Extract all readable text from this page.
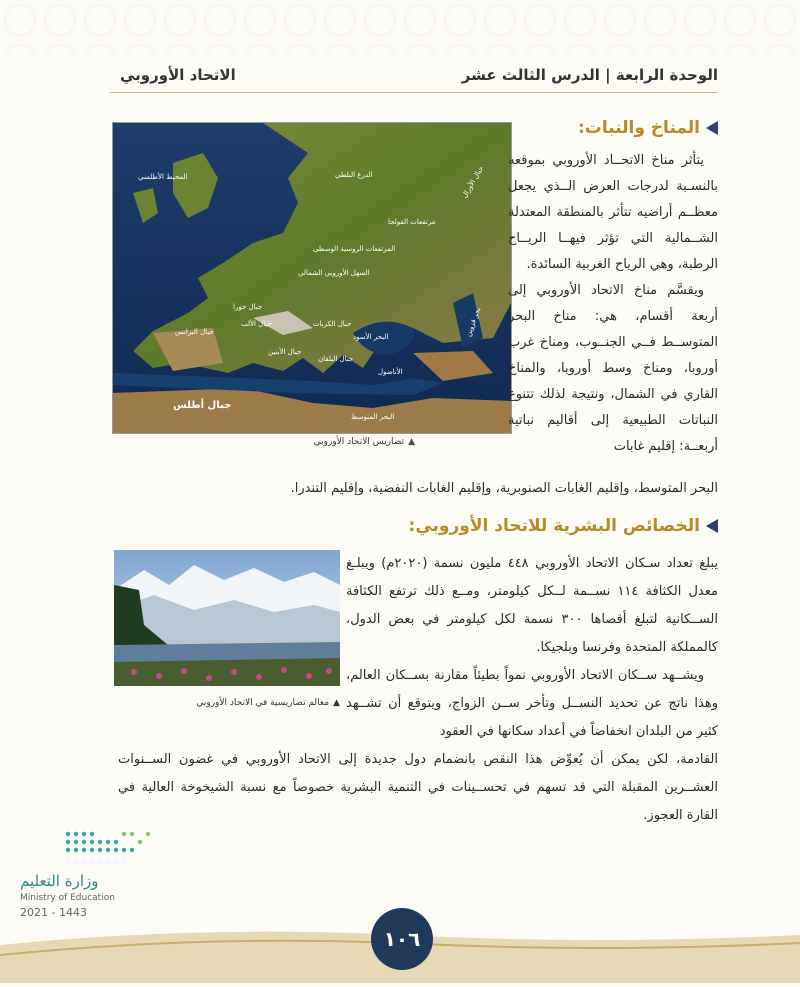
الوحدة الرابعة | الدرس الثالث عشر
الاتحاد الأوروبي
المناخ والنبات:
المحيط الأطلسي	الدرع البلطي	جبال الأورال
مرتفعات الفولجا
المرتفعات الروسية الوسطى
السهل الأوروبي الشمالي
جبال جورا
جبال الألب	جبال الكربات
جبال البرانس
جبال الأبنين
جبال البلقان
البحر الأسود	بحر قزوين
الأناضول
البحر المتوسط
جبال أطلس
▲تضاريس الاتحاد الأوروبي

يتأثر مناخ الاتحــاد الأوروبي بموقعه بالنسـبة لدرجات العرض الــذي يجعل معظــم أراضيه تتأثر بالمنطقة المعتدلة الشــمالية التي تؤثر فيهــا الريــاح الرطبة، وهي الرياح الغربية السائدة.

ويقسَّم مناخ الاتحاد الأوروبي إلى أربعة أقسام، هي: مناخ البحر المتوســط فــي الجنــوب، ومناخ غرب أوروبا، ومناخ وسط أوروبا، والمناخ القاري في الشمال، ونتيجة لذلك تتنوع النباتات الطبيعية إلى أقاليم نباتية أربعــة: إقليم غابات

البحر المتوسط، وإقليم الغابات الصنوبرية، وإقليم الغابات النفضية، وإقليم التندرا.
الخصائص البشرية للاتحاد الأوروبي:
▲معالم تضاريسية في الاتحاد الأوروبي

يبلغ تعداد سـكان الاتحاد الأوروبي ٤٤٨ مليون نسمة (٢٠٢٠م) ويبلـغ معدل الكثافة ١١٤ نســمة لــكل كيلومتر، ومــع ذلك ترتفع الكثافة الســكانية لتبلغ أقصاها ٣٠٠ نسمة لكل كيلومتر في بعض الدول، كالمملكة المتحدة وفرنسا وبلجيكا.

ويشــهد ســكان الاتحاد الأوروبي نمواً بطيئاً مقارنة بســكان العالم، وهذا ناتج عن تحديد النســل وتأخر ســن الزواج، ويتوقع أن تشــهد كثير من البلدان انخفاضاً في أعداد سكانها في العقود

القادمة، لكن يمكن أن يُعوِّض هذا النقص بانضمام دول جديدة إلى الاتحاد الأوروبي في غضون الســنوات العشــرين المقبلة التي قد تسهم في تحســينات في التنمية البشرية خصوصاً مع نسبة الشيخوخة العالية في القارة العجوز.
وزارة التعليم
Ministry of Education
2021 - 1443
١٠٦
